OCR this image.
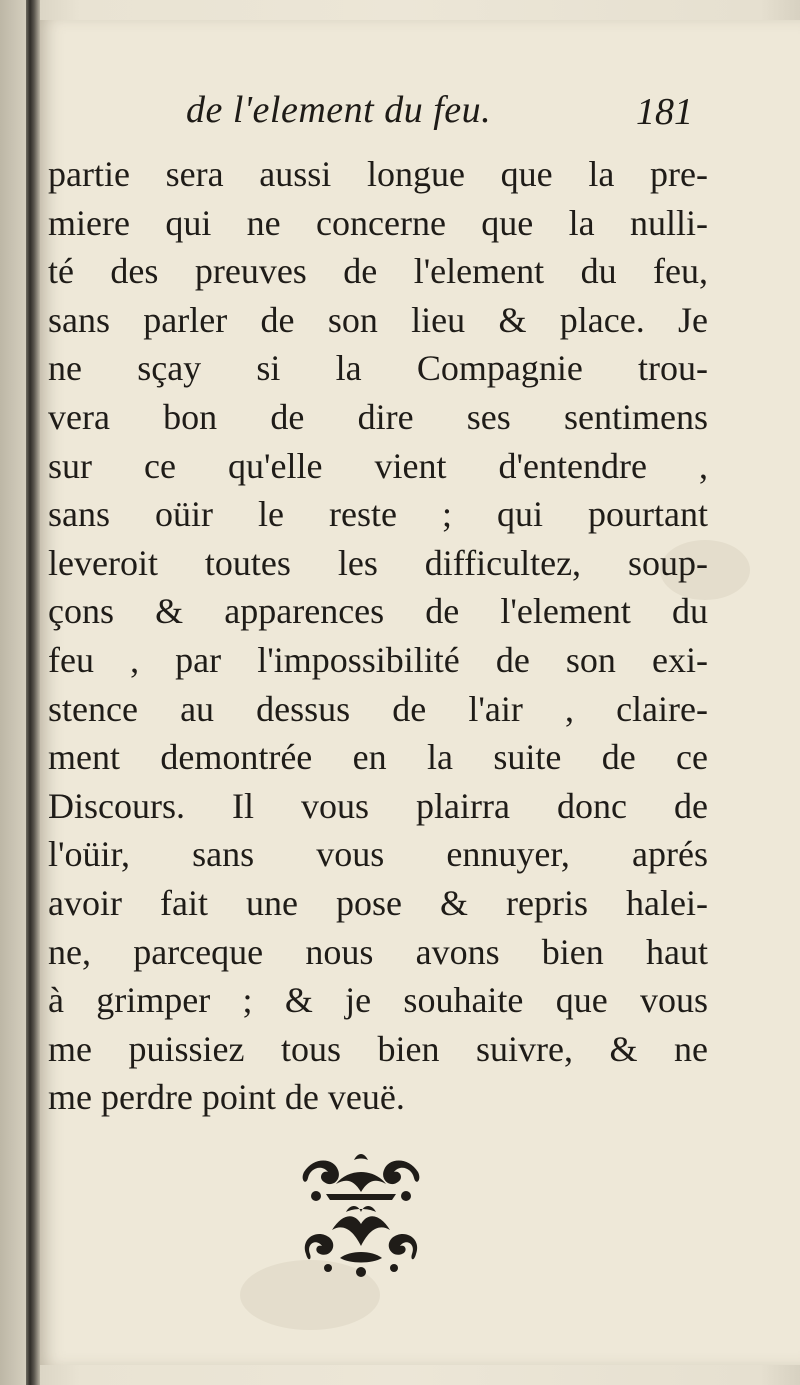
de l'element du feu.	181
partie sera aussi longue que la pre-
miere qui ne concerne que la nulli-
té des preuves de l'element du feu,
sans parler de son lieu & place. Je
ne sçay si la Compagnie trou-
vera bon de dire ses sentimens
sur ce qu'elle vient d'entendre ,
sans oüir le reste ; qui pourtant
leveroit toutes les difficultez, soup-
çons & apparences de l'element du
feu , par l'impossibilité de son exi-
stence au dessus de l'air , claire-
ment demontrée en la suite de ce
Discours. Il vous plairra donc de
l'oüir, sans vous ennuyer, aprés
avoir fait une pose & repris halei-
ne, parceque nous avons bien haut
à grimper ; & je souhaite que vous
me puissiez tous bien suivre, & ne
me perdre point de veuë.
